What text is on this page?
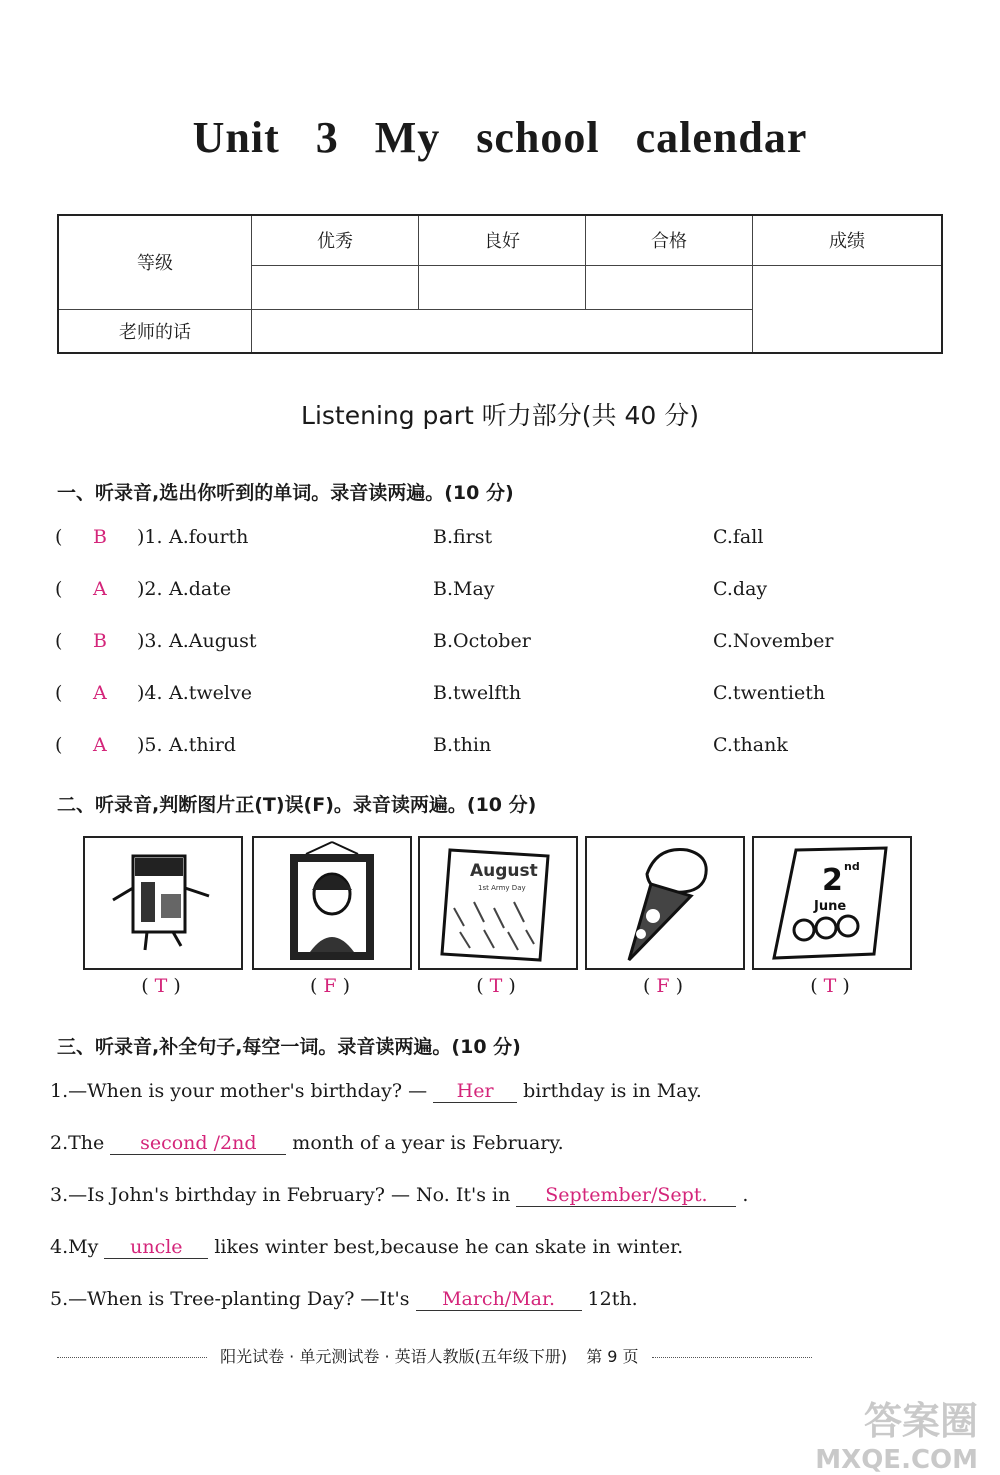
Unit 3 My school calendar
等级	优秀	良好	合格	成绩

老师的话				
Listening part 听力部分(共 40 分)
一、听录音,选出你听到的单词。录音读两遍。(10 分)
( B )1. A.fourth	B.first	C.fall
( A )2. A.date	B.May	C.day
( B )3. A.August	B.October	C.November
( A )4. A.twelve	B.twelfth	C.twentieth
( A )5. A.third	B.thin	C.thank
二、听录音,判断图片正(T)误(F)。录音读两遍。(10 分)
August
1st Army Day	2 nd
June
( T )	( F )	( T )	( F )	( T )
三、听录音,补全句子,每空一词。录音读两遍。(10 分)
1.—When is your mother's birthday? — Her birthday is in May.
2.The second /2nd month of a year is February.
3.—Is John's birthday in February? — No. It's in September/Sept. .
4.My uncle likes winter best,because he can skate in winter.
5.—When is Tree-planting Day? —It's March/Mar. 12th.
阳光试卷 · 单元测试卷 · 英语人教版(五年级下册) 第 9 页
答案圈
MXQE.COM
